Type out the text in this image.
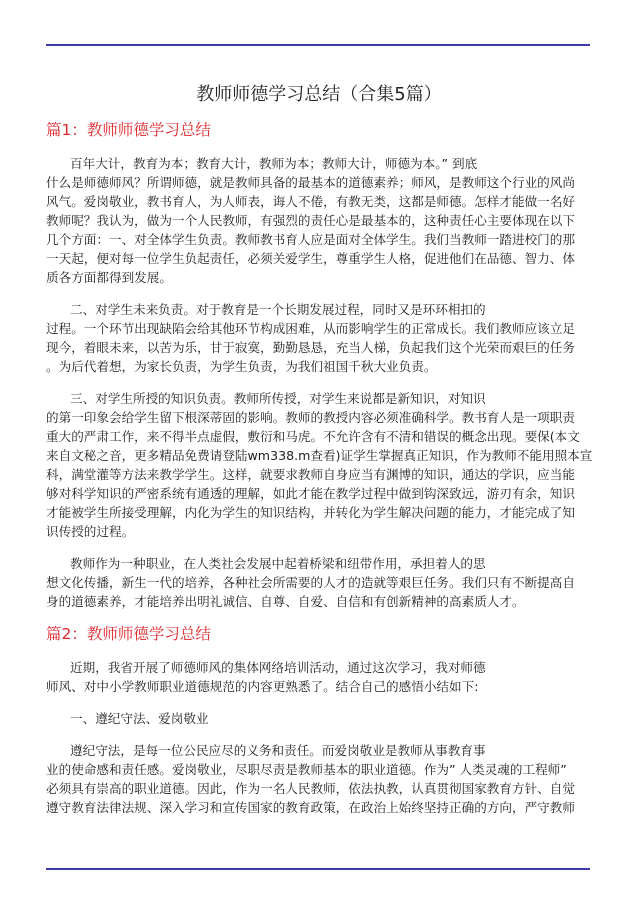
教师师德学习总结（合集5篇）
篇1：教师师德学习总结
百年大计，教育为本；教育大计，教师为本；教师大计，师德为本。” 到底
什么是师德师风？所谓师德，就是教师具备的最基本的道德素养；师风，是教师这个行业的风尚
风气。爱岗敬业，教书育人，为人师表，诲人不倦，有教无类，这都是师德。怎样才能做一名好
教师呢？我认为，做为一个人民教师，有强烈的责任心是最基本的，这种责任心主要体现在以下
几个方面：一、对全体学生负责。教师教书育人应是面对全体学生。我们当教师一踏进校门的那
一天起，便对每一位学生负起责任，必须关爱学生，尊重学生人格，促进他们在品德、智力、体
质各方面都得到发展。
二、对学生未来负责。对于教育是一个长期发展过程，同时又是环环相扣的
过程。一个环节出现缺陷会给其他环节构成困难，从而影响学生的正常成长。我们教师应该立足
现今，着眼未来，以苦为乐，甘于寂寞，勤勤恳恳，充当人梯，负起我们这个光荣而艰巨的任务
。为后代着想，为家长负责，为学生负责，为我们祖国千秋大业负责。
三、对学生所授的知识负责。教师所传授，对学生来说都是新知识，对知识
的第一印象会给学生留下根深蒂固的影响。教师的教授内容必须准确科学。教书育人是一项职责
重大的严肃工作，来不得半点虚假，敷衍和马虎。不允许含有不清和错误的概念出现。要保(本文
来自文秘之音，更多精品免费请登陆wm338.m查看)证学生掌握真正知识，作为教师不能用照本宣
科，满堂灌等方法来教学学生。这样，就要求教师自身应当有渊博的知识，通达的学识，应当能
够对科学知识的严密系统有通透的理解，如此才能在教学过程中做到钩深致远，游刃有余，知识
才能被学生所接受理解，内化为学生的知识结构，并转化为学生解决问题的能力，才能完成了知
识传授的过程。
教师作为一种职业，在人类社会发展中起着桥梁和纽带作用，承担着人的思
想文化传播，新生一代的培养，各种社会所需要的人才的造就等艰巨任务。我们只有不断提高自
身的道德素养，才能培养出明礼诚信、自尊、自爱、自信和有创新精神的高素质人才。
篇2：教师师德学习总结
近期，我省开展了师德师风的集体网络培训活动，通过这次学习，我对师德
师风、对中小学教师职业道德规范的内容更熟悉了。结合自己的感悟小结如下:
一、遵纪守法、爱岗敬业
遵纪守法，是每一位公民应尽的义务和责任。而爱岗敬业是教师从事教育事
业的使命感和责任感。爱岗敬业，尽职尽责是教师基本的职业道德。作为” 人类灵魂的工程师”
必须具有崇高的职业道德。因此，作为一名人民教师，依法执教，认真贯彻国家教育方针、自觉
遵守教育法律法规、深入学习和宣传国家的教育政策，在政治上始终坚持正确的方向，严守教师
